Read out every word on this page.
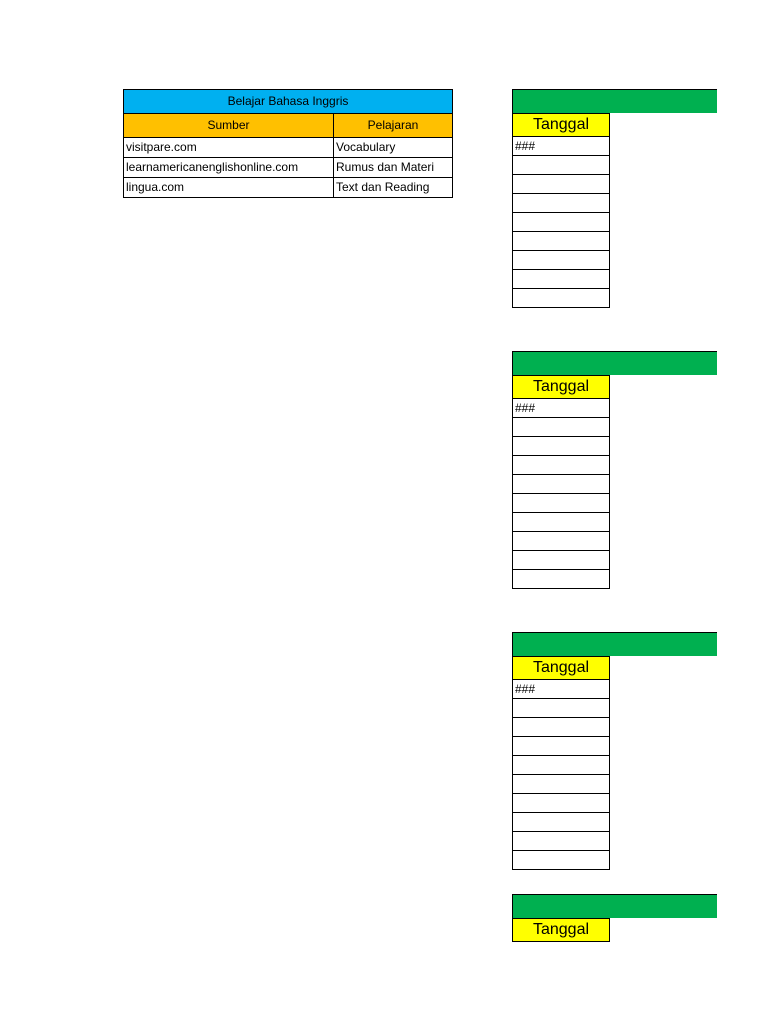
Belajar Bahasa Inggris	
Sumber	Pelajaran
visitpare.com	Vocabulary
learnamericanenglishonline.com	Rumus dan Materi
lingua.com	Text dan Reading
Tanggal
###

Tanggal
###

Tanggal
###

Tanggal
